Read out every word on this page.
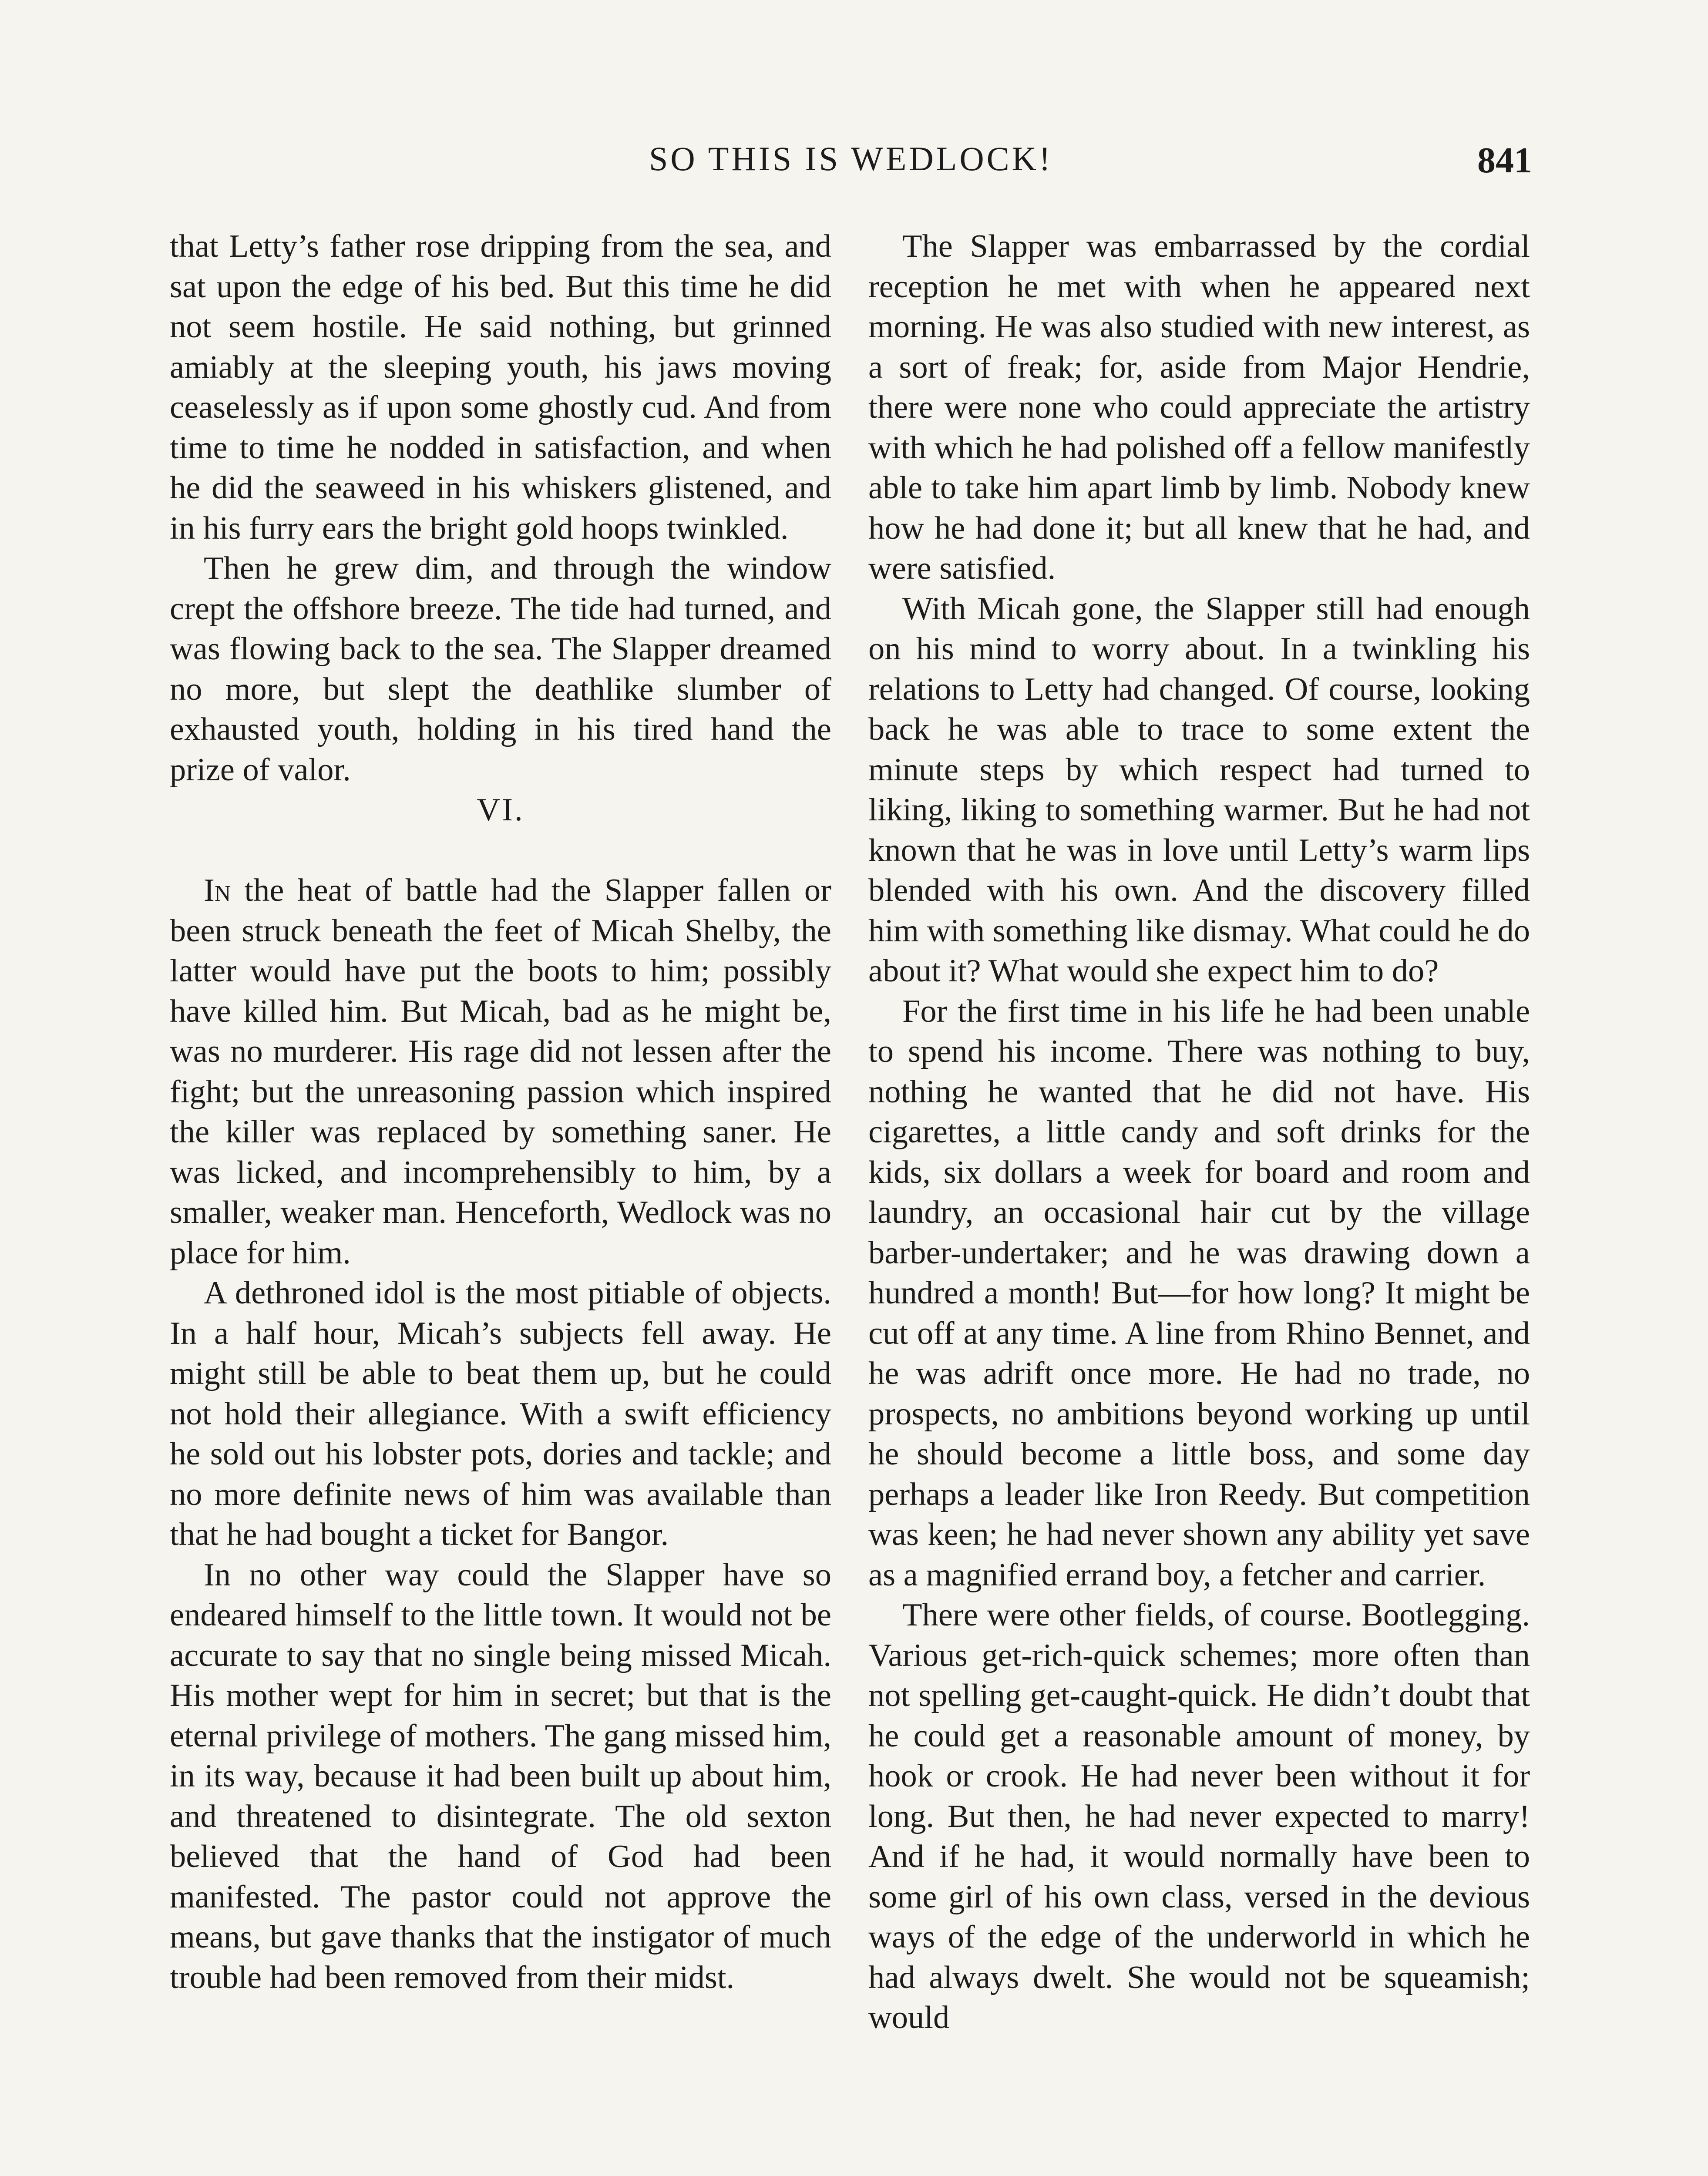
SO THIS IS WEDLOCK!	841

that Letty’s father rose dripping from the sea, and sat upon the edge of his bed. But this time he did not seem hostile. He said nothing, but grinned amiably at the sleeping youth, his jaws moving ceaselessly as if upon some ghostly cud. And from time to time he nodded in satisfaction, and when he did the seaweed in his whiskers glistened, and in his furry ears the bright gold hoops twinkled.

Then he grew dim, and through the window crept the offshore breeze. The tide had turned, and was flowing back to the sea. The Slapper dreamed no more, but slept the deathlike slumber of exhausted youth, holding in his tired hand the prize of valor.

VI.

In the heat of battle had the Slapper fallen or been struck beneath the feet of Micah Shelby, the latter would have put the boots to him; possibly have killed him. But Micah, bad as he might be, was no murderer. His rage did not lessen after the fight; but the unreasoning passion which inspired the killer was replaced by something saner. He was licked, and incomprehensibly to him, by a smaller, weaker man. Henceforth, Wedlock was no place for him.

A dethroned idol is the most pitiable of objects. In a half hour, Micah’s subjects fell away. He might still be able to beat them up, but he could not hold their allegiance. With a swift efficiency he sold out his lobster pots, dories and tackle; and no more definite news of him was available than that he had bought a ticket for Bangor.

In no other way could the Slapper have so endeared himself to the little town. It would not be accurate to say that no single being missed Micah. His mother wept for him in secret; but that is the eternal privilege of mothers. The gang missed him, in its way, because it had been built up about him, and threatened to disintegrate. The old sexton believed that the hand of God had been manifested. The pastor could not approve the means, but gave thanks that the instigator of much trouble had been removed from their midst.

The Slapper was embarrassed by the cordial reception he met with when he appeared next morning. He was also studied with new interest, as a sort of freak; for, aside from Major Hendrie, there were none who could appreciate the artistry with which he had polished off a fellow manifestly able to take him apart limb by limb. Nobody knew how he had done it; but all knew that he had, and were satisfied.

With Micah gone, the Slapper still had enough on his mind to worry about. In a twinkling his relations to Letty had changed. Of course, looking back he was able to trace to some extent the minute steps by which respect had turned to liking, liking to something warmer. But he had not known that he was in love until Letty’s warm lips blended with his own. And the discovery filled him with something like dismay. What could he do about it? What would she expect him to do?

For the first time in his life he had been unable to spend his income. There was nothing to buy, nothing he wanted that he did not have. His cigarettes, a little candy and soft drinks for the kids, six dollars a week for board and room and laundry, an occasional hair cut by the village barber-undertaker; and he was drawing down a hundred a month! But—for how long? It might be cut off at any time. A line from Rhino Bennet, and he was adrift once more. He had no trade, no prospects, no ambitions beyond working up until he should become a little boss, and some day perhaps a leader like Iron Reedy. But competition was keen; he had never shown any ability yet save as a magnified errand boy, a fetcher and carrier.

There were other fields, of course. Bootlegging. Various get-rich-quick schemes; more often than not spelling get-caught-quick. He didn’t doubt that he could get a reasonable amount of money, by hook or crook. He had never been without it for long. But then, he had never expected to marry! And if he had, it would normally have been to some girl of his own class, versed in the devious ways of the edge of the underworld in which he had always dwelt. She would not be squeamish; would
